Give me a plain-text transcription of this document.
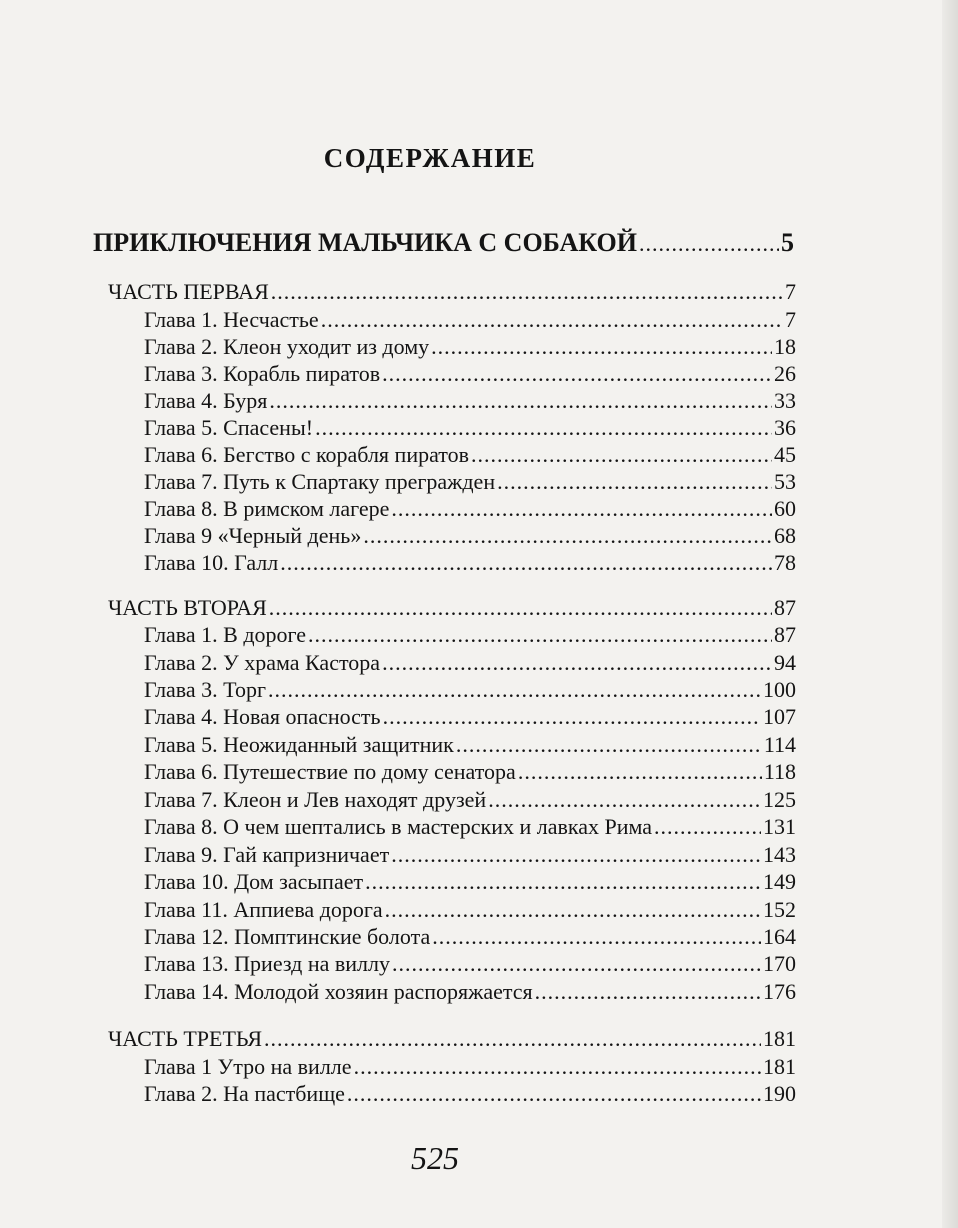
СОДЕРЖАНИЕ
ПРИКЛЮЧЕНИЯ МАЛЬЧИКА С СОБАКОЙ .....	5
ЧАСТЬ ПЕРВАЯ .....	7
Глава 1. Несчастье .....	7
Глава 2. Клеон уходит из дому .....	18
Глава 3. Корабль пиратов .....	26
Глава 4. Буря .....	33
Глава 5. Спасены! .....	36
Глава 6. Бегство с корабля пиратов .....	45
Глава 7. Путь к Спартаку прегражден .....	53
Глава 8. В римском лагере .....	60
Глава 9 «Черный день» .....	68
Глава 10. Галл .....	78
ЧАСТЬ ВТОРАЯ .....	87
Глава 1. В дороге .....	87
Глава 2. У храма Кастора .....	94
Глава 3. Торг .....	100
Глава 4. Новая опасность .....	107
Глава 5. Неожиданный защитник .....	114
Глава 6. Путешествие по дому сенатора .....	118
Глава 7. Клеон и Лев находят друзей .....	125
Глава 8. О чем шептались в мастерских и лавках Рима .....	131
Глава 9. Гай капризничает .....	143
Глава 10. Дом засыпает .....	149
Глава 11. Аппиева дорога .....	152
Глава 12. Помптинские болота .....	164
Глава 13. Приезд на виллу .....	170
Глава 14. Молодой хозяин распоряжается .....	176
ЧАСТЬ ТРЕТЬЯ .....	181
Глава 1 Утро на вилле .....	181
Глава 2. На пастбище .....	190
525
